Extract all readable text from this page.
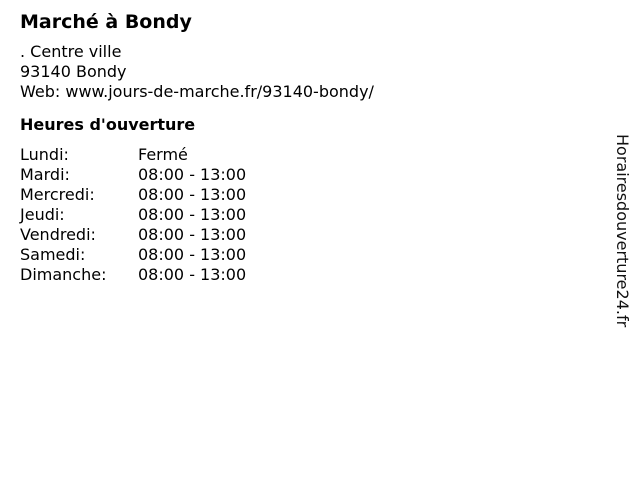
Marché à Bondy
. Centre ville
93140 Bondy
Web: www.jours-de-marche.fr/93140-bondy/
Heures d'ouverture
Lundi:	Fermé
Mardi:	08:00 - 13:00
Mercredi:	08:00 - 13:00
Jeudi:	08:00 - 13:00
Vendredi:	08:00 - 13:00
Samedi:	08:00 - 13:00
Dimanche:	08:00 - 13:00	Horairesdouverture24.fr
